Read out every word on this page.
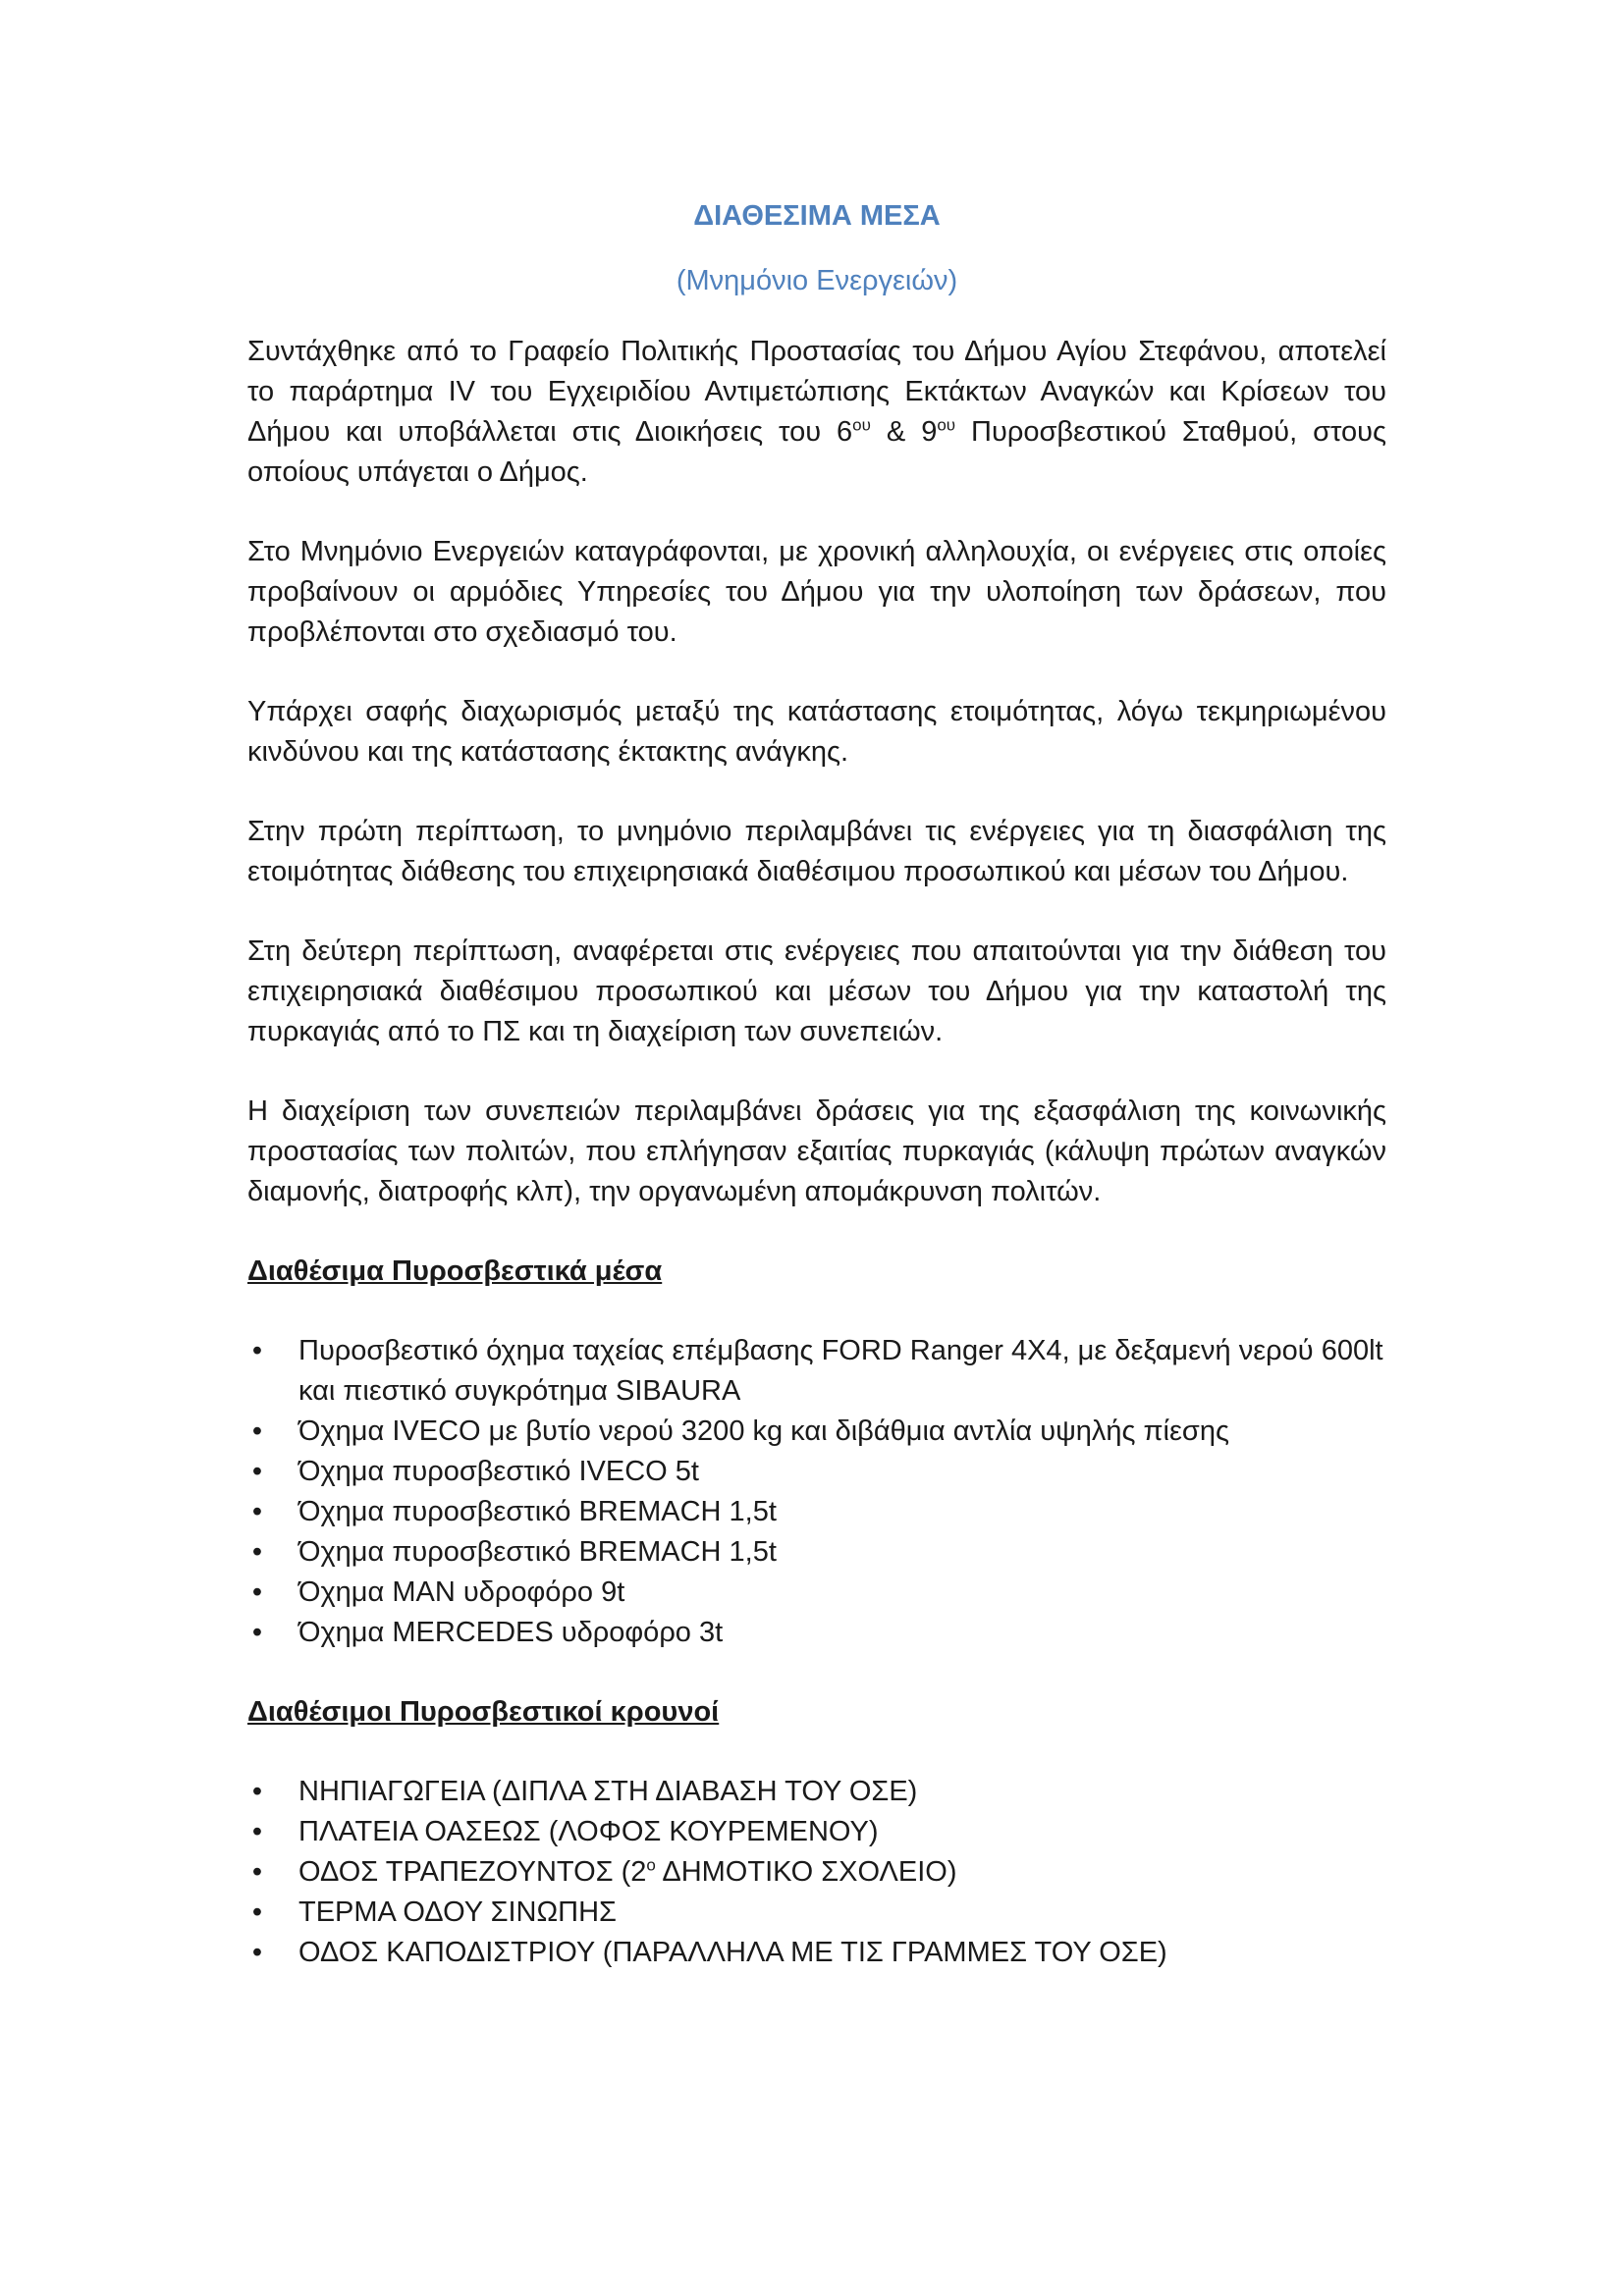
ΔΙΑΘΕΣΙΜΑ ΜΕΣΑ
(Μνημόνιο Ενεργειών)

Συντάχθηκε από το Γραφείο Πολιτικής Προστασίας του Δήμου Αγίου Στεφάνου, αποτελεί το παράρτημα IV του Εγχειριδίου Αντιμετώπισης Εκτάκτων Αναγκών και Κρίσεων του Δήμου και υποβάλλεται στις Διοικήσεις του $6^{o\upsilon}$ & $9^{o\upsilon}$ Πυροσβεστικού Σταθμού, στους οποίους υπάγεται ο Δήμος.

Στο Μνημόνιο Ενεργειών καταγράφονται, με χρονική αλληλουχία, οι ενέργειες στις οποίες προβαίνουν οι αρμόδιες Υπηρεσίες του Δήμου για την υλοποίηση των δράσεων, που προβλέπονται στο σχεδιασμό του.

Υπάρχει σαφής διαχωρισμός μεταξύ της κατάστασης ετοιμότητας, λόγω τεκμηριωμένου κινδύνου και της κατάστασης έκτακτης ανάγκης.

Στην πρώτη περίπτωση, το μνημόνιο περιλαμβάνει τις ενέργειες για τη διασφάλιση της ετοιμότητας διάθεσης του επιχειρησιακά διαθέσιμου προσωπικού και μέσων του Δήμου.

Στη δεύτερη περίπτωση, αναφέρεται στις ενέργειες που απαιτούνται για την διάθεση του επιχειρησιακά διαθέσιμου προσωπικού και μέσων του Δήμου για την καταστολή της πυρκαγιάς από το ΠΣ και τη διαχείριση των συνεπειών.

Η διαχείριση των συνεπειών περιλαμβάνει δράσεις για της εξασφάλιση της κοινωνικής προστασίας των πολιτών, που επλήγησαν εξαιτίας πυρκαγιάς (κάλυψη πρώτων αναγκών διαμονής, διατροφής κλπ), την οργανωμένη απομάκρυνση πολιτών.

Διαθέσιμα Πυροσβεστικά μέσα
• Πυροσβεστικό όχημα ταχείας επέμβασης FORD Ranger 4X4, με δεξαμενή νερού 600lt και πιεστικό συγκρότημα SIBAURA
• Όχημα IVECO με βυτίο νερού 3200 kg και διβάθμια αντλία υψηλής πίεσης
• Όχημα πυροσβεστικό IVECO 5t
• Όχημα πυροσβεστικό BREMACH 1,5t
• Όχημα πυροσβεστικό BREMACH 1,5t
• Όχημα MAN υδροφόρο 9t
• Όχημα MERCEDES υδροφόρο 3t
Διαθέσιμοι Πυροσβεστικοί κρουνοί
• ΝΗΠΙΑΓΩΓΕΙΑ (ΔΙΠΛΑ ΣΤΗ ΔΙΑΒΑΣΗ ΤΟΥ ΟΣΕ)
• ΠΛΑΤΕΙΑ ΟΑΣΕΩΣ (ΛΟΦΟΣ ΚΟΥΡΕΜΕΝΟΥ)
• ΟΔΟΣ ΤΡΑΠΕΖΟΥΝΤΟΣ ($2^o$ ΔΗΜΟΤΙΚΟ ΣΧΟΛΕΙΟ)
• ΤΕΡΜΑ ΟΔΟΥ ΣΙΝΩΠΗΣ
• ΟΔΟΣ ΚΑΠΟΔΙΣΤΡΙΟΥ (ΠΑΡΑΛΛΗΛΑ ΜΕ ΤΙΣ ΓΡΑΜΜΕΣ ΤΟΥ ΟΣΕ)
